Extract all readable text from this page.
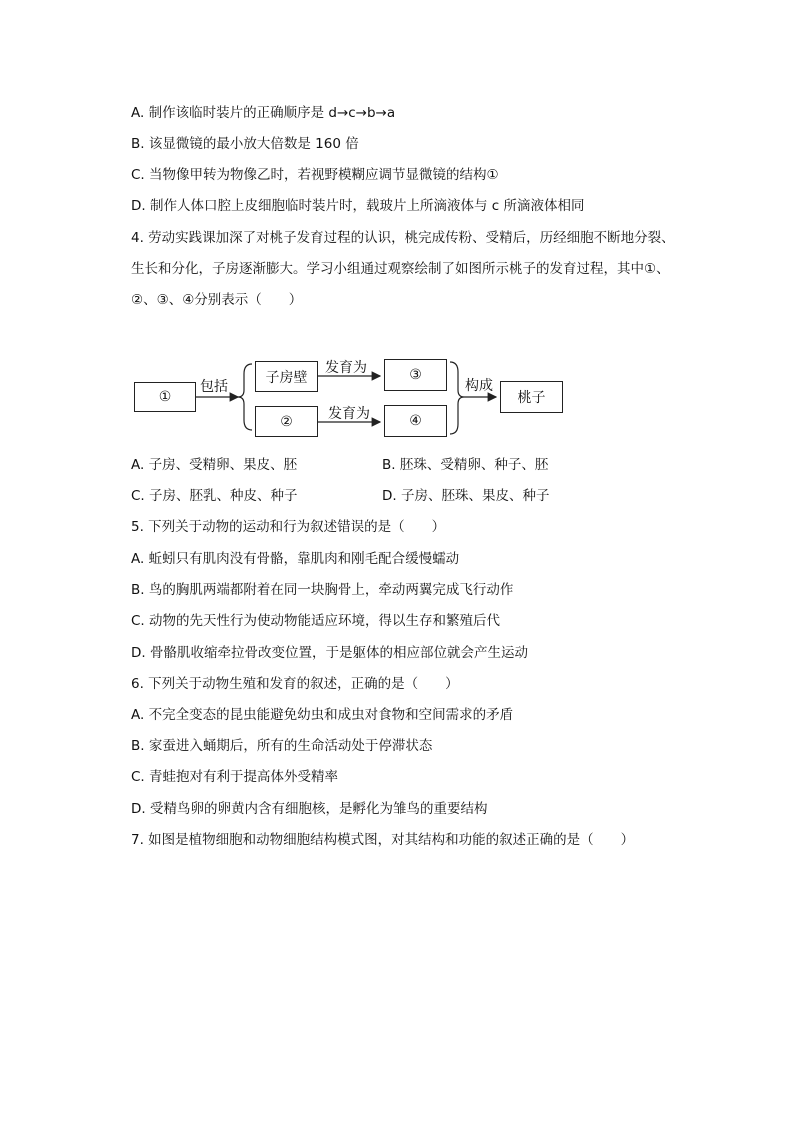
A. 制作该临时装片的正确顺序是 d→c→b→a
B. 该显微镜的最小放大倍数是 160 倍
C. 当物像甲转为物像乙时，若视野模糊应调节显微镜的结构①
D. 制作人体口腔上皮细胞临时装片时，载玻片上所滴液体与 c 所滴液体相同
4. 劳动实践课加深了对桃子发育过程的认识，桃完成传粉、受精后，历经细胞不断地分裂、
生长和分化，子房逐渐膨大。学习小组通过观察绘制了如图所示桃子的发育过程，其中①、
②、③、④分别表示（　　）
①
包括
子房壁
②
发育为
发育为
③
④
构成
桃子
A. 子房、受精卵、果皮、胚	B. 胚珠、受精卵、种子、胚
C. 子房、胚乳、种皮、种子	D. 子房、胚珠、果皮、种子
5. 下列关于动物的运动和行为叙述错误的是（　　）
A. 蚯蚓只有肌肉没有骨骼，靠肌肉和刚毛配合缓慢蠕动
B. 鸟的胸肌两端都附着在同一块胸骨上，牵动两翼完成飞行动作
C. 动物的先天性行为使动物能适应环境，得以生存和繁殖后代
D. 骨骼肌收缩牵拉骨改变位置，于是躯体的相应部位就会产生运动
6. 下列关于动物生殖和发育的叙述，正确的是（　　）
A. 不完全变态的昆虫能避免幼虫和成虫对食物和空间需求的矛盾
B. 家蚕进入蛹期后，所有的生命活动处于停滞状态
C. 青蛙抱对有利于提高体外受精率
D. 受精鸟卵的卵黄内含有细胞核，是孵化为雏鸟的重要结构
7. 如图是植物细胞和动物细胞结构模式图，对其结构和功能的叙述正确的是（　　）
